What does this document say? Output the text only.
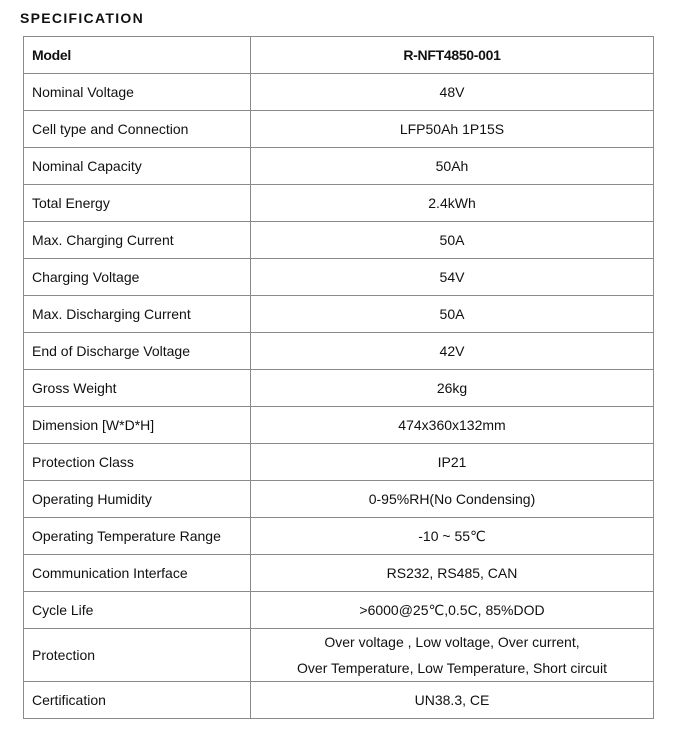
SPECIFICATION
Model	R-NFT4850-001
Nominal Voltage	48V
Cell type and Connection	LFP50Ah 1P15S
Nominal Capacity	50Ah
Total Energy	2.4kWh
Max. Charging Current	50A
Charging Voltage	54V
Max. Discharging Current	50A
End of Discharge Voltage	42V
Gross Weight	26kg
Dimension [W*D*H]	474x360x132mm
Protection Class	IP21
Operating Humidity	0-95%RH(No Condensing)
Operating Temperature Range	-10 ~ 55℃
Communication Interface	RS232, RS485, CAN
Cycle Life	>6000@25℃,0.5C, 85%DOD
Protection	Over voltage , Low voltage, Over current,
Over Temperature, Low Temperature, Short circuit

Certification	UN38.3, CE
